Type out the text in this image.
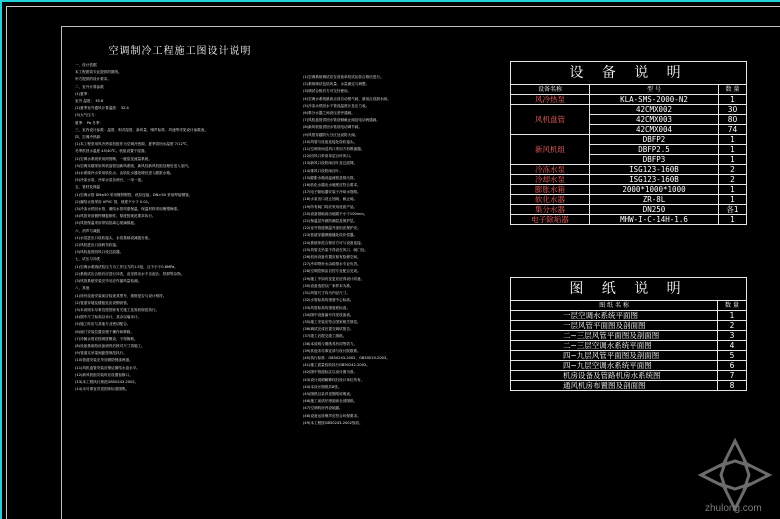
空调制冷工程施工图设计说明
一、设计依据
本工程建筑专业提供的图纸。
甲方提供的设计要求。
二、室外计算参数
(1)夏季：
室外 温度： 35.6
(2)夏季室外通风计算温度： 32.4
(3)大气压力：
夏季： Pa 冬季：
三、室内设计参数：温度、相对湿度、新风量、噪声标准、风速等详见设计参数表。
四、空调冷热源：
(1)本工程采用风冷热泵机组作为空调冷热源，夏季供回水温度 7/12℃，
冬季供回水温度 45/40℃。机组设置于屋面。
(2)空调水系统采用两管制，一级泵变流量系统。
(3)空调末端采用风机盘管加新风系统，新风经新风机组处理后送入室内。
(4)水系统补水采用软化水，由软化水器处理后进入膨胀水箱。
(5)冷冻水泵、冷却水泵各两台，一用一备。
五、管材及保温
(1)空调水管 DN≤50 采用镀锌钢管，丝扣连接；DN>50 采用焊接钢管。
(2)凝结水管采用 UPVC 管，坡度不小于 0.01。
(3)冷冻水供回水管、凝结水管均需保温，保温材料采用橡塑海绵。
(4)风管采用镀锌钢板制作，厚度按规范要求执行。
(5)风管保温采用带铝箔离心玻璃棉板。
六、消声与减振
(1)水泵进出口设软接头，水泵基础设减振台座。
(2)风机进出口设帆布软接。
(3)风机盘管回风口设过滤器。
七、试压与冲洗
(1)空调水系统试验压力为工作压力的1.5倍，且不小于0.6MPa。
(2)系统试压合格后应进行冲洗，直至排出水不含泥沙、铁屑等杂物。
(3)风管系统安装完毕后应作漏风量检测。
八、其他
(1)所有设备安装前应检查其型号、规格是否与设计相符。
(2)管道穿墙及楼板处应设钢套管。
(3)本说明未尽事宜按国家有关施工及验收规范执行。
(4)图中尺寸标高以米计，其余以毫米计。
(5)施工时应与其他专业密切配合。
(6)阀门安装位置应便于操作和维修。
(7)冷凝水管应按坡度敷设，不得倒坡。
(8)设备基础待设备到货后核对尺寸再施工。
(9)管道支吊架间距按规范执行。
(10)管道安装完毕后刷防锈漆两道。
(11)风机盘管安装应保证凝结水盘水平。
(12)新风机组安装时应设置检修口。
(13)本工程执行规范GB50243-2002。
(14)未尽事宜详见国家标准图集。
(1)空调系统调试应在设备单机试运转合格后进行。
(2)系统调试包括风量、水量测定与调整。
(3)调试合格后方可交付使用。
(4)空调水系统最高点设自动排气阀，最低点设泄水阀。
(5)冷冻水供回水干管设温度计及压力表。
(6)集分水器之间设压差旁通阀。
(7)风机盘管供回水管设铜截止阀及电动两通阀。
(8)新风机组供回水管设电动调节阀。
(9)风管穿越防火分区处设防火阀。
(10)风管与设备连接处设软接头。
(11)空调房间送风口采用方形散流器。
(12)回风口采用单层百叶风口。
(13)新风口设防雨百叶及过滤网。
(14)排风口设防雨百叶。
(15)膨胀水箱设溢流管及排污管。
(16)软化水器出水硬度应符合要求。
(17)电子除垢器安装于冷却水管路。
(18)水泵出口设止回阀、截止阀。
(19)所有阀门均应采用优质产品。
(20)设备基础高出地面不小于100mm。
(21)保温层外做防潮层及保护层。
(22)室外管道保温外加铝皮保护壳。
(23)管道穿越伸缩缝处设补偿器。
(24)系统冲洗合格后方可与设备连接。
(25)风管支吊架不得设在风口、阀门处。
(26)机房设备布置应留有检修空间。
(27)冷却塔补水由给排水专业负责。
(28)空调控制由自控专业配合完成。
(29)施工中如有变更应征得设计同意。
(30)设备选型以厂家样本为准。
(31)风管尺寸均为内径尺寸。
(32)水管标高均指管中心标高。
(33)风管标高均指管底标高。
(34)图中设备编号详见设备表。
(35)施工安装应符合国家相关规范。
(36)调试完成后提交调试报告。
(37)竣工后提交竣工图纸。
(38)本说明与图纸具有同等效力。
(39)其他未尽事宜请与设计院联系。
(40)执行标准：GB50243-2002、GB50019-2003。
(41)施工质量验收执行GB50242-2002。
(42)图中管道标注以设计图为准。
(43)设计说明解释权归设计单位所有。
(44)本设计图纸共8张。
(45)图纸目录详见图纸说明表。
(46)施工前请仔细阅读全部图纸。
(47)空调机房内设地漏。
(48)设备运转噪声应符合环保要求。
(49)本工程按GB50243-2002验收。
设 备 说 明		
设备名称	型 号	数 量
风冷热泵	KLA-SMS-2000-N2	1
风机盘管	42CMX002	30
	42CMX003	80
	42CMX004	74
新风机组	DBFP2	1
	DBFP2.5	1
	DBFP3	1
冷冻水泵	ISG123-160B	2
冷却水泵	ISG123-160B	2
膨胀水箱	2000*1000*1000	1
软化水器	ZR-8L	1
集分水器	DN250	各1
电子除垢器	MHW-I-C-14H-1.6	1
图 纸 说 明	
图 纸 名 称	数 量
一层空调水系统平面图	1
一层风管平面图及剖面图	2
二~三层风管平面图及剖面图	3
二~三层空调水系统平面图	4
四~九层风管平面图及剖面图	5
四~九层空调水系统平面图	6
机房设备及管路机房水系统图	7
通风机房布置图及剖面图	8
zhulong.com
